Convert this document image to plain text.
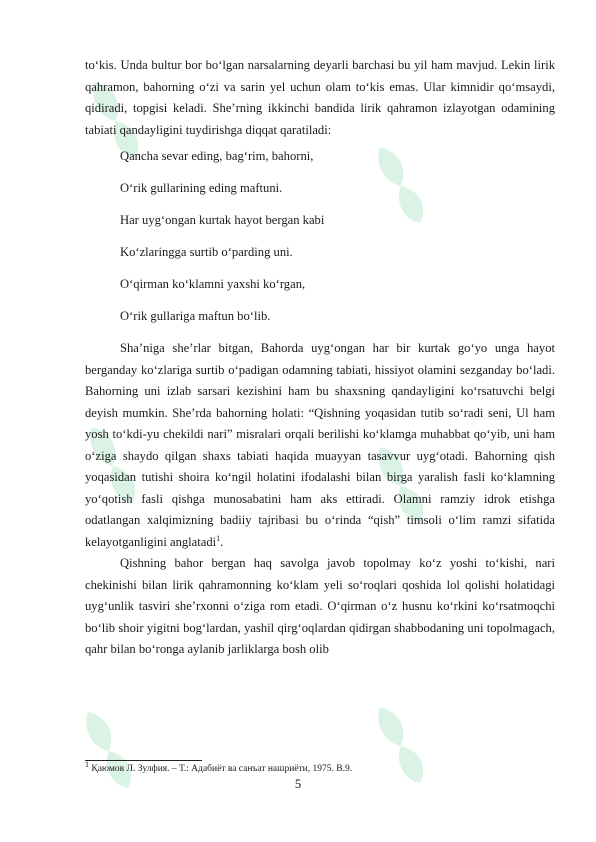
to‘kis. Unda bultur bor bo‘lgan narsalarning deyarli barchasi bu yil ham mavjud. Lekin lirik qahramon, bahorning o‘zi va sarin yel uchun olam to‘kis emas. Ular kimnidir qo‘msaydi, qidiradi, topgisi keladi. She’rning ikkinchi bandida lirik qahramon izlayotgan odamining tabiati qandayligini tuydirishga diqqat qaratiladi:

Qancha sevar eding, bag‘rim, bahorni,
O‘rik gullarining eding maftuni.
Har uyg‘ongan kurtak hayot bergan kabi
Ko‘zlaringga surtib o‘parding uni.
O‘qirman ko‘klamni yaxshi ko‘rgan,
O‘rik gullariga maftun bo‘lib.

Sha’niga she’rlar bitgan, Bahorda uyg‘ongan har bir kurtak go‘yo unga hayot berganday ko‘zlariga surtib o‘padigan odamning tabiati, hissiyot olamini sezganday bo‘ladi. Bahorning uni izlab sarsari kezishini ham bu shaxsning qandayligini ko‘rsatuvchi belgi deyish mumkin. She’rda bahorning holati: “Qishning yoqasidan tutib so‘radi seni, Ul ham yosh to‘kdi-yu chekildi nari” misralari orqali berilishi ko‘klamga muhabbat qo‘yib, uni ham o‘ziga shaydo qilgan shaxs tabiati haqida muayyan tasavvur uyg‘otadi. Bahorning qish yoqasidan tutishi shoira ko‘ngil holatini ifodalashi bilan birga yaralish fasli ko‘klamning yo‘qotish fasli qishga munosabatini ham aks ettiradi. Olamni ramziy idrok etishga odatlangan xalqimizning badiiy tajribasi bu o‘rinda “qish” timsoli o‘lim ramzi sifatida kelayotganligini anglatadi$^1$.

Qishning bahor bergan haq savolga javob topolmay ko‘z yoshi to‘kishi, nari chekinishi bilan lirik qahramonning ko‘klam yeli so‘roqlari qoshida lol qolishi holatidagi uyg‘unlik tasviri she’rxonni o‘ziga rom etadi. O‘qirman o‘z husnu ko‘rkini ko‘rsatmoqchi bo‘lib shoir yigitni bog‘lardan, yashil qirg‘oqlardan qidirgan shabbodaning uni topolmagach, qahr bilan bo‘ronga aylanib jarliklarga bosh olib

$^1$ Қаюмов Л. Зулфия. – Т.: Адабиёт ва санъат нашриёти, 1975. B.9.
5
